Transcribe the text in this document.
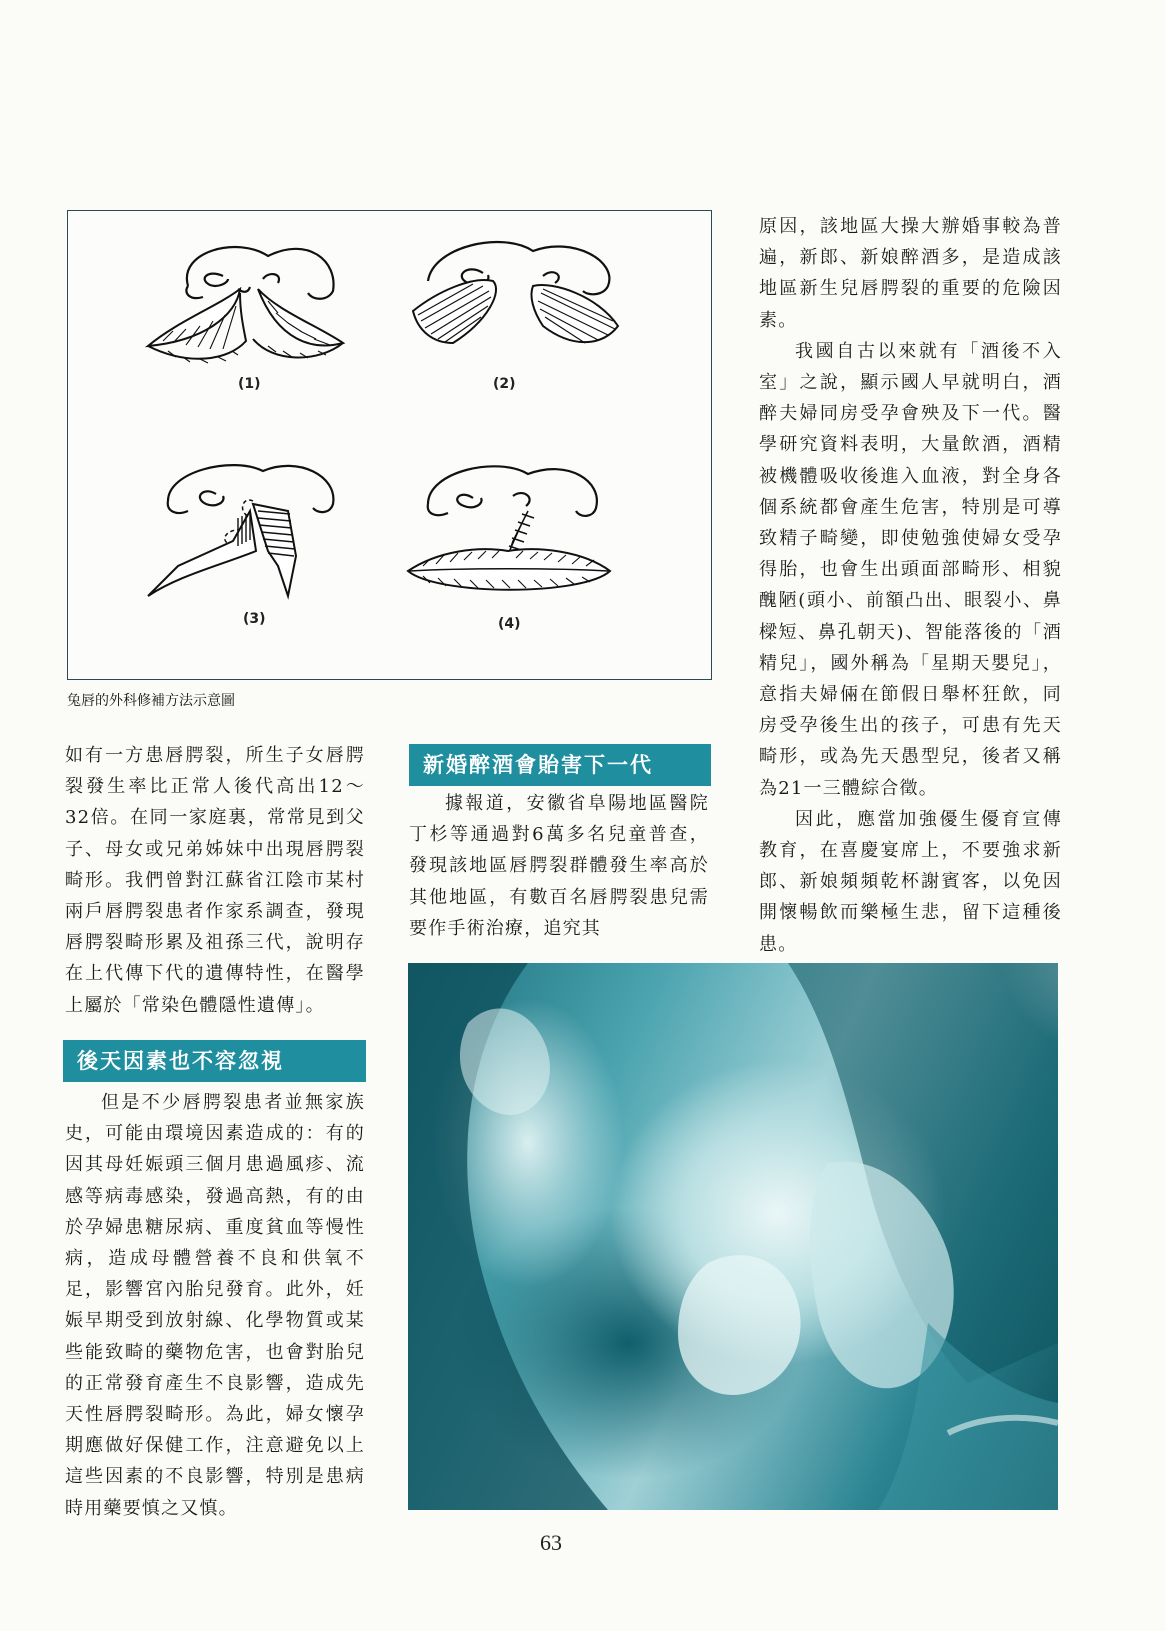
(1)	(2)
(3)	(4)
兔唇的外科修補方法示意圖

如有一方患唇腭裂，所生子女唇腭裂發生率比正常人後代高出12～32倍。在同一家庭裏，常常見到父子、母女或兄弟姊妹中出現唇腭裂畸形。我們曾對江蘇省江陰市某村兩戶唇腭裂患者作家系調查，發現唇腭裂畸形累及祖孫三代，說明存在上代傳下代的遺傳特性，在醫學上屬於「常染色體隱性遺傳」。

後天因素也不容忽視

但是不少唇腭裂患者並無家族史，可能由環境因素造成的：有的因其母妊娠頭三個月患過風疹、流感等病毒感染，發過高熱，有的由於孕婦患糖尿病、重度貧血等慢性病，造成母體營養不良和供氧不足，影響宮內胎兒發育。此外，妊娠早期受到放射線、化學物質或某些能致畸的藥物危害，也會對胎兒的正常發育產生不良影響，造成先天性唇腭裂畸形。為此，婦女懷孕期應做好保健工作，注意避免以上這些因素的不良影響，特別是患病時用藥要慎之又慎。

新婚醉酒會貽害下一代

據報道，安徽省阜陽地區醫院丁杉等通過對6萬多名兒童普查，發現該地區唇腭裂群體發生率高於其他地區，有數百名唇腭裂患兒需要作手術治療，追究其

原因，該地區大操大辦婚事較為普遍，新郎、新娘醉酒多，是造成該地區新生兒唇腭裂的重要的危險因素。

我國自古以來就有「酒後不入室」之說，顯示國人早就明白，酒醉夫婦同房受孕會殃及下一代。醫學研究資料表明，大量飲酒，酒精被機體吸收後進入血液，對全身各個系統都會產生危害，特別是可導致精子畸變，即使勉強使婦女受孕得胎，也會生出頭面部畸形、相貌醜陋(頭小、前額凸出、眼裂小、鼻樑短、鼻孔朝天)、智能落後的「酒精兒」，國外稱為「星期天嬰兒」，意指夫婦倆在節假日舉杯狂飲，同房受孕後生出的孩子，可患有先天畸形，或為先天愚型兒，後者又稱為21一三體綜合徵。

因此，應當加強優生優育宣傳教育，在喜慶宴席上，不要強求新郎、新娘頻頻乾杯謝賓客，以免因開懷暢飲而樂極生悲，留下這種後患。

63
